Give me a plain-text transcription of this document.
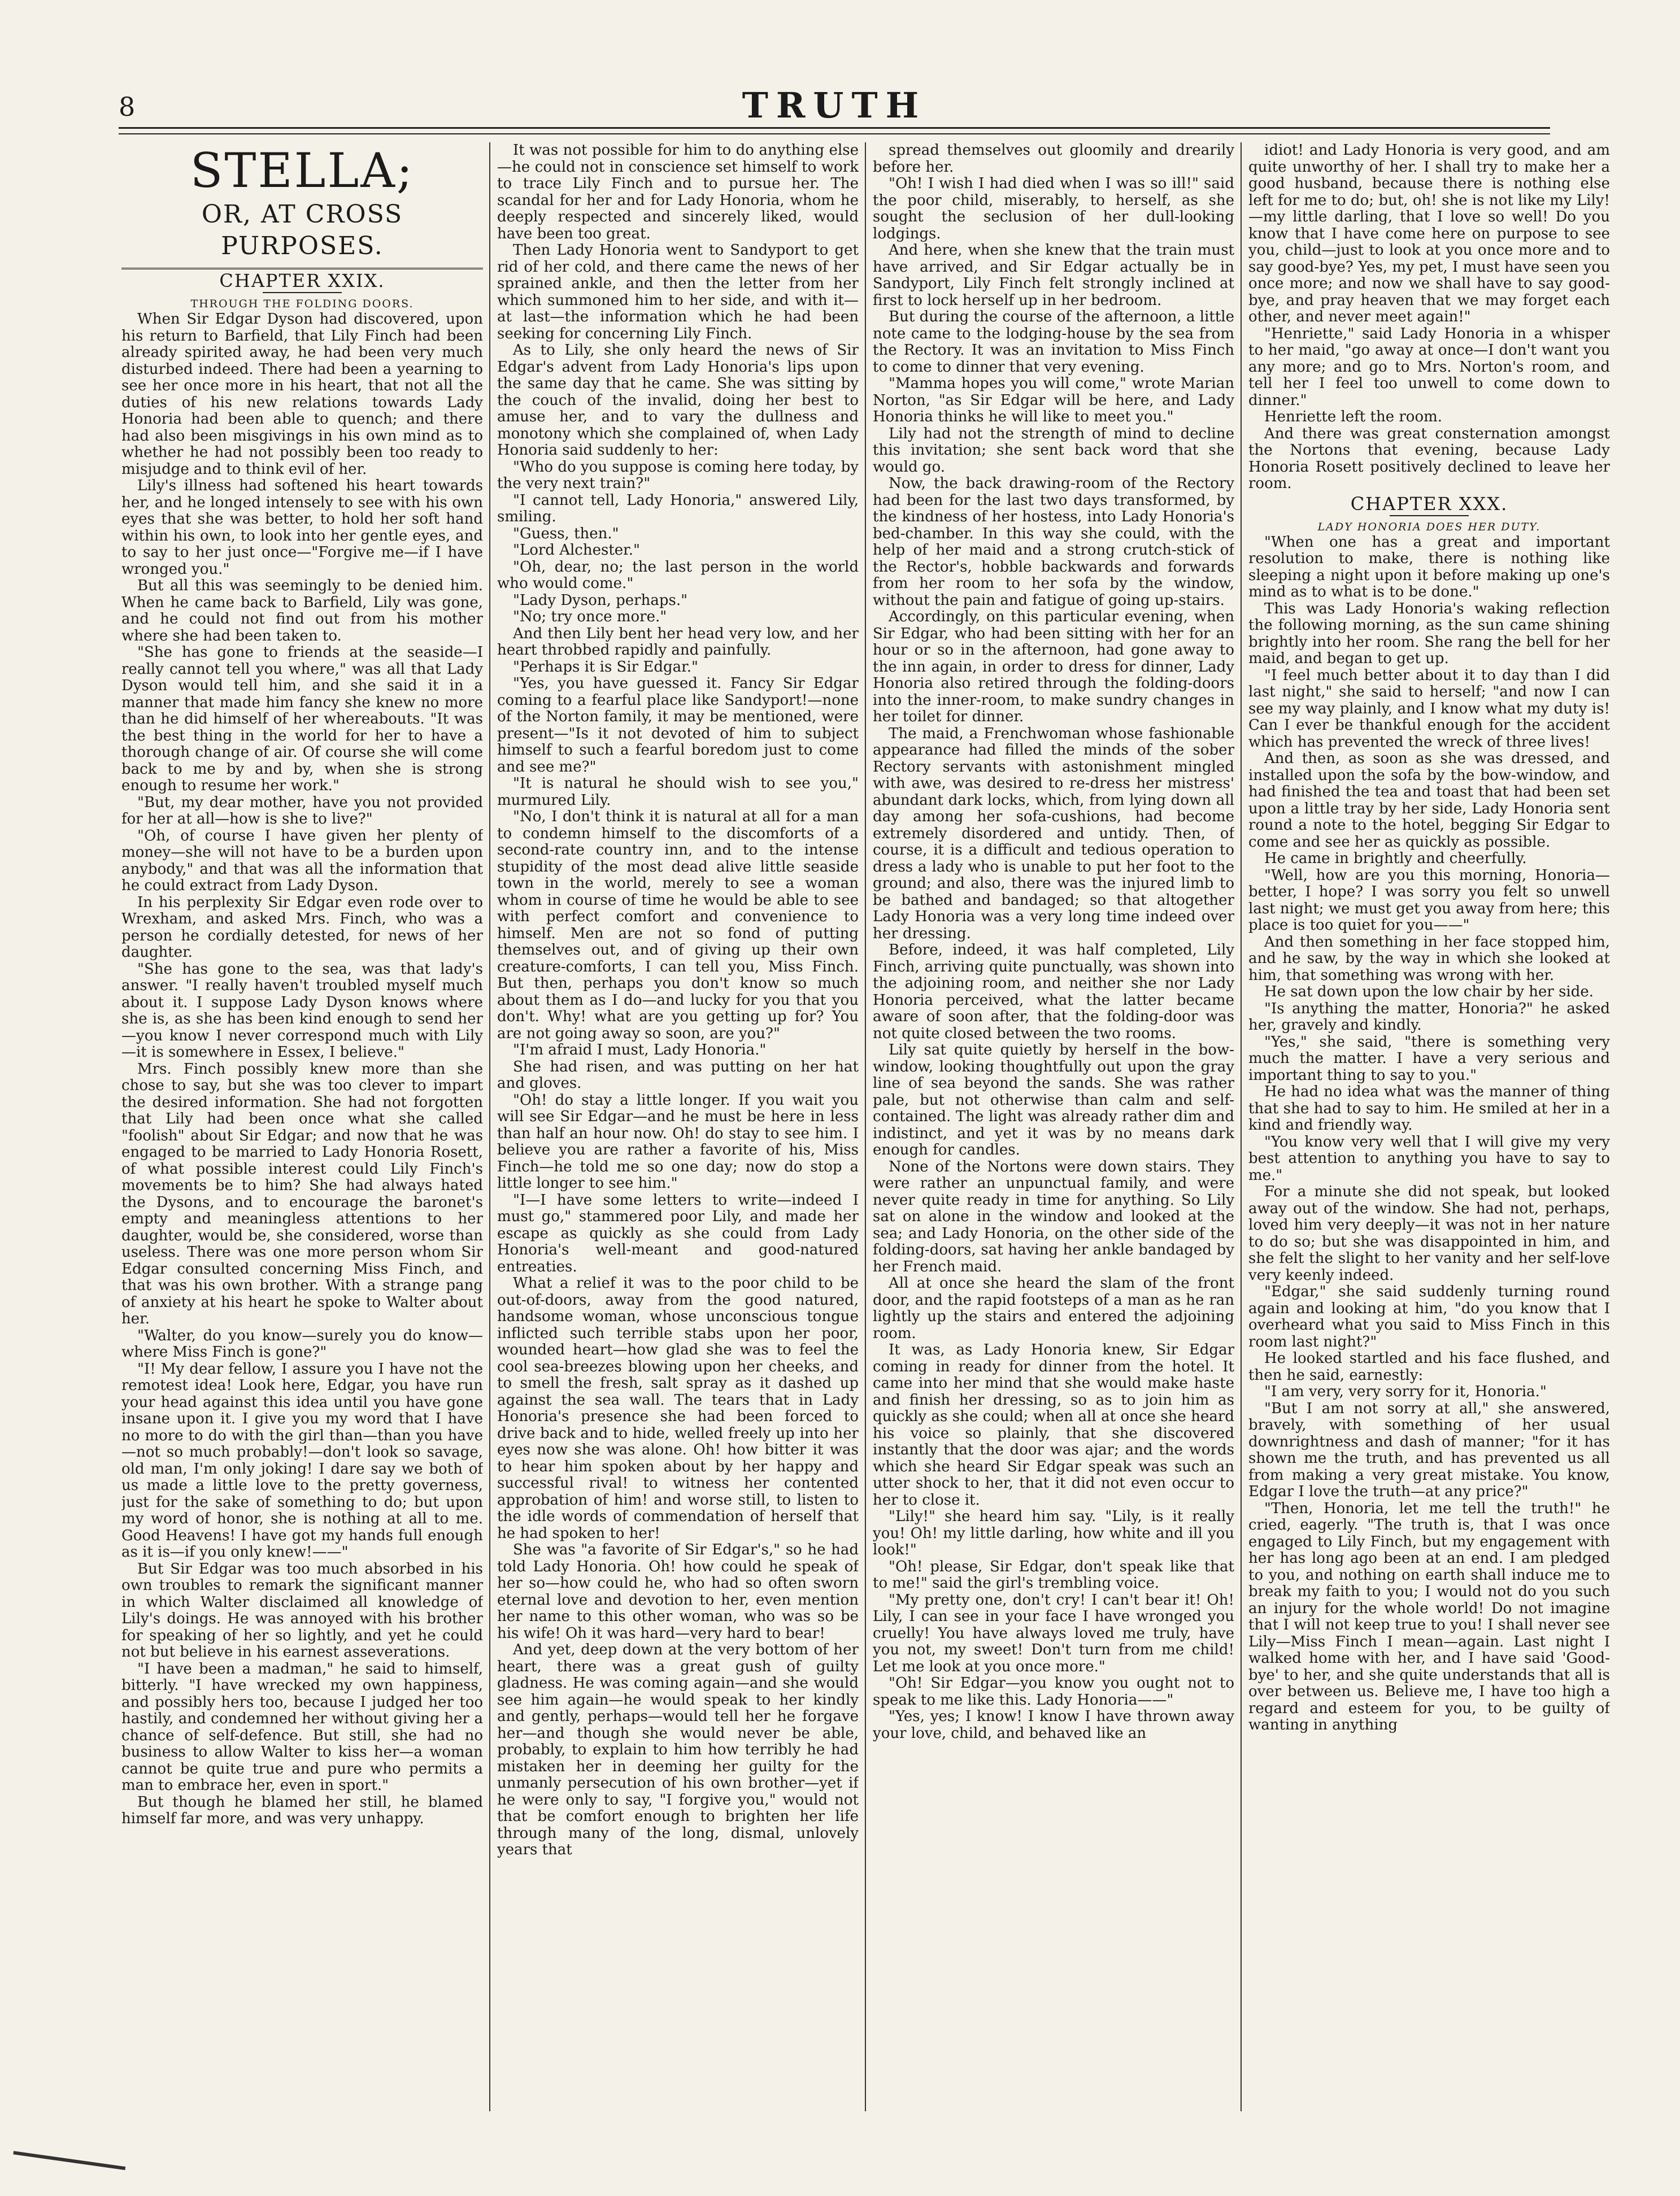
8	TRUTH

STELLA;

OR, AT CROSS PURPOSES.

CHAPTER XXIX.

THROUGH THE FOLDING DOORS.

When Sir Edgar Dyson had discovered, upon his return to Barfield, that Lily Finch had been already spirited away, he had been very much disturbed indeed. There had been a yearning to see her once more in his heart, that not all the duties of his new relations towards Lady Honoria had been able to quench; and there had also been misgivings in his own mind as to whether he had not possibly been too ready to misjudge and to think evil of her.

Lily's illness had softened his heart towards her, and he longed intensely to see with his own eyes that she was better, to hold her soft hand within his own, to look into her gentle eyes, and to say to her just once—"Forgive me—if I have wronged you."

But all this was seemingly to be denied him. When he came back to Barfield, Lily was gone, and he could not find out from his mother where she had been taken to.

"She has gone to friends at the seaside—I really cannot tell you where," was all that Lady Dyson would tell him, and she said it in a manner that made him fancy she knew no more than he did himself of her whereabouts. "It was the best thing in the world for her to have a thorough change of air. Of course she will come back to me by and by, when she is strong enough to resume her work."

"But, my dear mother, have you not provided for her at all—how is she to live?"

"Oh, of course I have given her plenty of money—she will not have to be a burden upon anybody," and that was all the information that he could extract from Lady Dyson.

In his perplexity Sir Edgar even rode over to Wrexham, and asked Mrs. Finch, who was a person he cordially detested, for news of her daughter.

"She has gone to the sea, was that lady's answer. "I really haven't troubled myself much about it. I suppose Lady Dyson knows where she is, as she has been kind enough to send her—you know I never correspond much with Lily—it is somewhere in Essex, I believe."

Mrs. Finch possibly knew more than she chose to say, but she was too clever to impart the desired information. She had not forgotten that Lily had been once what she called "foolish" about Sir Edgar; and now that he was engaged to be married to Lady Honoria Rosett, of what possible interest could Lily Finch's movements be to him? She had always hated the Dysons, and to encourage the baronet's empty and meaningless attentions to her daughter, would be, she considered, worse than useless. There was one more person whom Sir Edgar consulted concerning Miss Finch, and that was his own brother. With a strange pang of anxiety at his heart he spoke to Walter about her.

"Walter, do you know—surely you do know—where Miss Finch is gone?"

"I! My dear fellow, I assure you I have not the remotest idea! Look here, Edgar, you have run your head against this idea until you have gone insane upon it. I give you my word that I have no more to do with the girl than—than you have—not so much probably!—don't look so savage, old man, I'm only joking! I dare say we both of us made a little love to the pretty governess, just for the sake of something to do; but upon my word of honor, she is nothing at all to me. Good Heavens! I have got my hands full enough as it is—if you only knew!——"

But Sir Edgar was too much absorbed in his own troubles to remark the significant manner in which Walter disclaimed all knowledge of Lily's doings. He was annoyed with his brother for speaking of her so lightly, and yet he could not but believe in his earnest asseverations.

"I have been a madman," he said to himself, bitterly. "I have wrecked my own happiness, and possibly hers too, because I judged her too hastily, and condemned her without giving her a chance of self-defence. But still, she had no business to allow Walter to kiss her—a woman cannot be quite true and pure who permits a man to embrace her, even in sport."

But though he blamed her still, he blamed himself far more, and was very unhappy.

It was not possible for him to do anything else—he could not in conscience set himself to work to trace Lily Finch and to pursue her. The scandal for her and for Lady Honoria, whom he deeply respected and sincerely liked, would have been too great.

Then Lady Honoria went to Sandyport to get rid of her cold, and there came the news of her sprained ankle, and then the letter from her which summoned him to her side, and with it—at last—the information which he had been seeking for concerning Lily Finch.

As to Lily, she only heard the news of Sir Edgar's advent from Lady Honoria's lips upon the same day that he came. She was sitting by the couch of the invalid, doing her best to amuse her, and to vary the dullness and monotony which she complained of, when Lady Honoria said suddenly to her:

"Who do you suppose is coming here today, by the very next train?"

"I cannot tell, Lady Honoria," answered Lily, smiling.

"Guess, then."

"Lord Alchester."

"Oh, dear, no; the last person in the world who would come."

"Lady Dyson, perhaps."

"No; try once more."

And then Lily bent her head very low, and her heart throbbed rapidly and painfully.

"Perhaps it is Sir Edgar."

"Yes, you have guessed it. Fancy Sir Edgar coming to a fearful place like Sandyport!—none of the Norton family, it may be mentioned, were present—"Is it not devoted of him to subject himself to such a fearful boredom just to come and see me?"

"It is natural he should wish to see you," murmured Lily.

"No, I don't think it is natural at all for a man to condemn himself to the discomforts of a second-rate country inn, and to the intense stupidity of the most dead alive little seaside town in the world, merely to see a woman whom in course of time he would be able to see with perfect comfort and convenience to himself. Men are not so fond of putting themselves out, and of giving up their own creature-comforts, I can tell you, Miss Finch. But then, perhaps you don't know so much about them as I do—and lucky for you that you don't. Why! what are you getting up for? You are not going away so soon, are you?"

"I'm afraid I must, Lady Honoria."

She had risen, and was putting on her hat and gloves.

"Oh! do stay a little longer. If you wait you will see Sir Edgar—and he must be here in less than half an hour now. Oh! do stay to see him. I believe you are rather a favorite of his, Miss Finch—he told me so one day; now do stop a little longer to see him."

"I—I have some letters to write—indeed I must go," stammered poor Lily, and made her escape as quickly as she could from Lady Honoria's well-meant and good-natured entreaties.

What a relief it was to the poor child to be out-of-doors, away from the good natured, handsome woman, whose unconscious tongue inflicted such terrible stabs upon her poor, wounded heart—how glad she was to feel the cool sea-breezes blowing upon her cheeks, and to smell the fresh, salt spray as it dashed up against the sea wall. The tears that in Lady Honoria's presence she had been forced to drive back and to hide, welled freely up into her eyes now she was alone. Oh! how bitter it was to hear him spoken about by her happy and successful rival! to witness her contented approbation of him! and worse still, to listen to the idle words of commendation of herself that he had spoken to her!

She was "a favorite of Sir Edgar's," so he had told Lady Honoria. Oh! how could he speak of her so—how could he, who had so often sworn eternal love and devotion to her, even mention her name to this other woman, who was so be his wife! Oh it was hard—very hard to bear!

And yet, deep down at the very bottom of her heart, there was a great gush of guilty gladness. He was coming again—and she would see him again—he would speak to her kindly and gently, perhaps—would tell her he forgave her—and though she would never be able, probably, to explain to him how terribly he had mistaken her in deeming her guilty for the unmanly persecution of his own brother—yet if he were only to say, "I forgive you," would not that be comfort enough to brighten her life through many of the long, dismal, unlovely years that

spread themselves out gloomily and drearily before her.

"Oh! I wish I had died when I was so ill!" said the poor child, miserably, to herself, as she sought the seclusion of her dull-looking lodgings.

And here, when she knew that the train must have arrived, and Sir Edgar actually be in Sandyport, Lily Finch felt strongly inclined at first to lock herself up in her bedroom.

But during the course of the afternoon, a little note came to the lodging-house by the sea from the Rectory. It was an invitation to Miss Finch to come to dinner that very evening.

"Mamma hopes you will come," wrote Marian Norton, "as Sir Edgar will be here, and Lady Honoria thinks he will like to meet you."

Lily had not the strength of mind to decline this invitation; she sent back word that she would go.

Now, the back drawing-room of the Rectory had been for the last two days transformed, by the kindness of her hostess, into Lady Honoria's bed-chamber. In this way she could, with the help of her maid and a strong crutch-stick of the Rector's, hobble backwards and forwards from her room to her sofa by the window, without the pain and fatigue of going up-stairs.

Accordingly, on this particular evening, when Sir Edgar, who had been sitting with her for an hour or so in the afternoon, had gone away to the inn again, in order to dress for dinner, Lady Honoria also retired through the folding-doors into the inner-room, to make sundry changes in her toilet for dinner.

The maid, a Frenchwoman whose fashionable appearance had filled the minds of the sober Rectory servants with astonishment mingled with awe, was desired to re-dress her mistress' abundant dark locks, which, from lying down all day among her sofa-cushions, had become extremely disordered and untidy. Then, of course, it is a difficult and tedious operation to dress a lady who is unable to put her foot to the ground; and also, there was the injured limb to be bathed and bandaged; so that altogether Lady Honoria was a very long time indeed over her dressing.

Before, indeed, it was half completed, Lily Finch, arriving quite punctually, was shown into the adjoining room, and neither she nor Lady Honoria perceived, what the latter became aware of soon after, that the folding-door was not quite closed between the two rooms.

Lily sat quite quietly by herself in the bow-window, looking thoughtfully out upon the gray line of sea beyond the sands. She was rather pale, but not otherwise than calm and self-contained. The light was already rather dim and indistinct, and yet it was by no means dark enough for candles.

None of the Nortons were down stairs. They were rather an unpunctual family, and were never quite ready in time for anything. So Lily sat on alone in the window and looked at the sea; and Lady Honoria, on the other side of the folding-doors, sat having her ankle bandaged by her French maid.

All at once she heard the slam of the front door, and the rapid footsteps of a man as he ran lightly up the stairs and entered the adjoining room.

It was, as Lady Honoria knew, Sir Edgar coming in ready for dinner from the hotel. It came into her mind that she would make haste and finish her dressing, so as to join him as quickly as she could; when all at once she heard his voice so plainly, that she discovered instantly that the door was ajar; and the words which she heard Sir Edgar speak was such an utter shock to her, that it did not even occur to her to close it.

"Lily!" she heard him say. "Lily, is it really you! Oh! my little darling, how white and ill you look!"

"Oh! please, Sir Edgar, don't speak like that to me!" said the girl's trembling voice.

"My pretty one, don't cry! I can't bear it! Oh! Lily, I can see in your face I have wronged you cruelly! You have always loved me truly, have you not, my sweet! Don't turn from me child! Let me look at you once more."

"Oh! Sir Edgar—you know you ought not to speak to me like this. Lady Honoria——"

"Yes, yes; I know! I know I have thrown away your love, child, and behaved like an

idiot! and Lady Honoria is very good, and am quite unworthy of her. I shall try to make her a good husband, because there is nothing else left for me to do; but, oh! she is not like my Lily!—my little darling, that I love so well! Do you know that I have come here on purpose to see you, child—just to look at you once more and to say good-bye? Yes, my pet, I must have seen you once more; and now we shall have to say good-bye, and pray heaven that we may forget each other, and never meet again!"

"Henriette," said Lady Honoria in a whisper to her maid, "go away at once—I don't want you any more; and go to Mrs. Norton's room, and tell her I feel too unwell to come down to dinner."

Henriette left the room.

And there was great consternation amongst the Nortons that evening, because Lady Honoria Rosett positively declined to leave her room.

CHAPTER XXX.

LADY HONORIA DOES HER DUTY.

"When one has a great and important resolution to make, there is nothing like sleeping a night upon it before making up one's mind as to what is to be done."

This was Lady Honoria's waking reflection the following morning, as the sun came shining brightly into her room. She rang the bell for her maid, and began to get up.

"I feel much better about it to day than I did last night," she said to herself; "and now I can see my way plainly, and I know what my duty is! Can I ever be thankful enough for the accident which has prevented the wreck of three lives!

And then, as soon as she was dressed, and installed upon the sofa by the bow-window, and had finished the tea and toast that had been set upon a little tray by her side, Lady Honoria sent round a note to the hotel, begging Sir Edgar to come and see her as quickly as possible.

He came in brightly and cheerfully.

"Well, how are you this morning, Honoria—better, I hope? I was sorry you felt so unwell last night; we must get you away from here; this place is too quiet for you——"

And then something in her face stopped him, and he saw, by the way in which she looked at him, that something was wrong with her.

He sat down upon the low chair by her side.

"Is anything the matter, Honoria?" he asked her, gravely and kindly.

"Yes," she said, "there is something very much the matter. I have a very serious and important thing to say to you."

He had no idea what was the manner of thing that she had to say to him. He smiled at her in a kind and friendly way.

"You know very well that I will give my very best attention to anything you have to say to me."

For a minute she did not speak, but looked away out of the window. She had not, perhaps, loved him very deeply—it was not in her nature to do so; but she was disappointed in him, and she felt the slight to her vanity and her self-love very keenly indeed.

"Edgar," she said suddenly turning round again and looking at him, "do you know that I overheard what you said to Miss Finch in this room last night?"

He looked startled and his face flushed, and then he said, earnestly:

"I am very, very sorry for it, Honoria."

"But I am not sorry at all," she answered, bravely, with something of her usual downrightness and dash of manner; "for it has shown me the truth, and has prevented us all from making a very great mistake. You know, Edgar I love the truth—at any price?"

"Then, Honoria, let me tell the truth!" he cried, eagerly. "The truth is, that I was once engaged to Lily Finch, but my engagement with her has long ago been at an end. I am pledged to you, and nothing on earth shall induce me to break my faith to you; I would not do you such an injury for the whole world! Do not imagine that I will not keep true to you! I shall never see Lily—Miss Finch I mean—again. Last night I walked home with her, and I have said 'Good-bye' to her, and she quite understands that all is over between us. Believe me, I have too high a regard and esteem for you, to be guilty of wanting in anything
